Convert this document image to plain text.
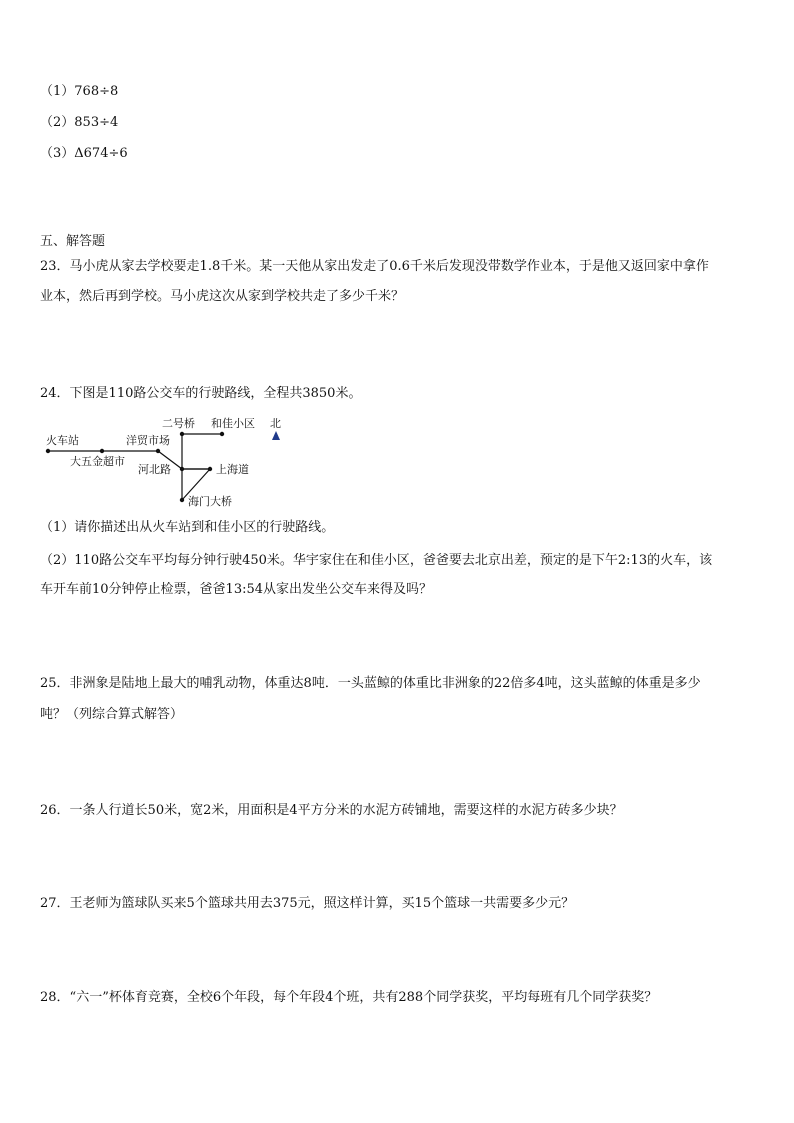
（1）768÷8
（2）853÷4
（3）Δ674÷6
五、解答题
23．马小虎从家去学校要走1.8千米。某一天他从家出发走了0.6千米后发现没带数学作业本，于是他又返回家中拿作
业本，然后再到学校。马小虎这次从家到学校共走了多少千米？
24．下图是110路公交车的行驶路线，全程共3850米。
火车站
大五金超市
洋贸市场
河北路
二号桥 和佳小区 北
上海道
海门大桥
（1）请你描述出从火车站到和佳小区的行驶路线。
（2）110路公交车平均每分钟行驶450米。华宇家住在和佳小区，爸爸要去北京出差，预定的是下午2:13的火车，该
车开车前10分钟停止检票，爸爸13:54从家出发坐公交车来得及吗？
25．非洲象是陆地上最大的哺乳动物，体重达8吨．一头蓝鲸的体重比非洲象的22倍多4吨，这头蓝鲸的体重是多少
吨？（列综合算式解答）
26．一条人行道长50米，宽2米，用面积是4平方分米的水泥方砖铺地，需要这样的水泥方砖多少块？
27．王老师为篮球队买来5个篮球共用去375元，照这样计算，买15个篮球一共需要多少元？
28．“六一”杯体育竞赛，全校6个年段，每个年段4个班，共有288个同学获奖，平均每班有几个同学获奖？
